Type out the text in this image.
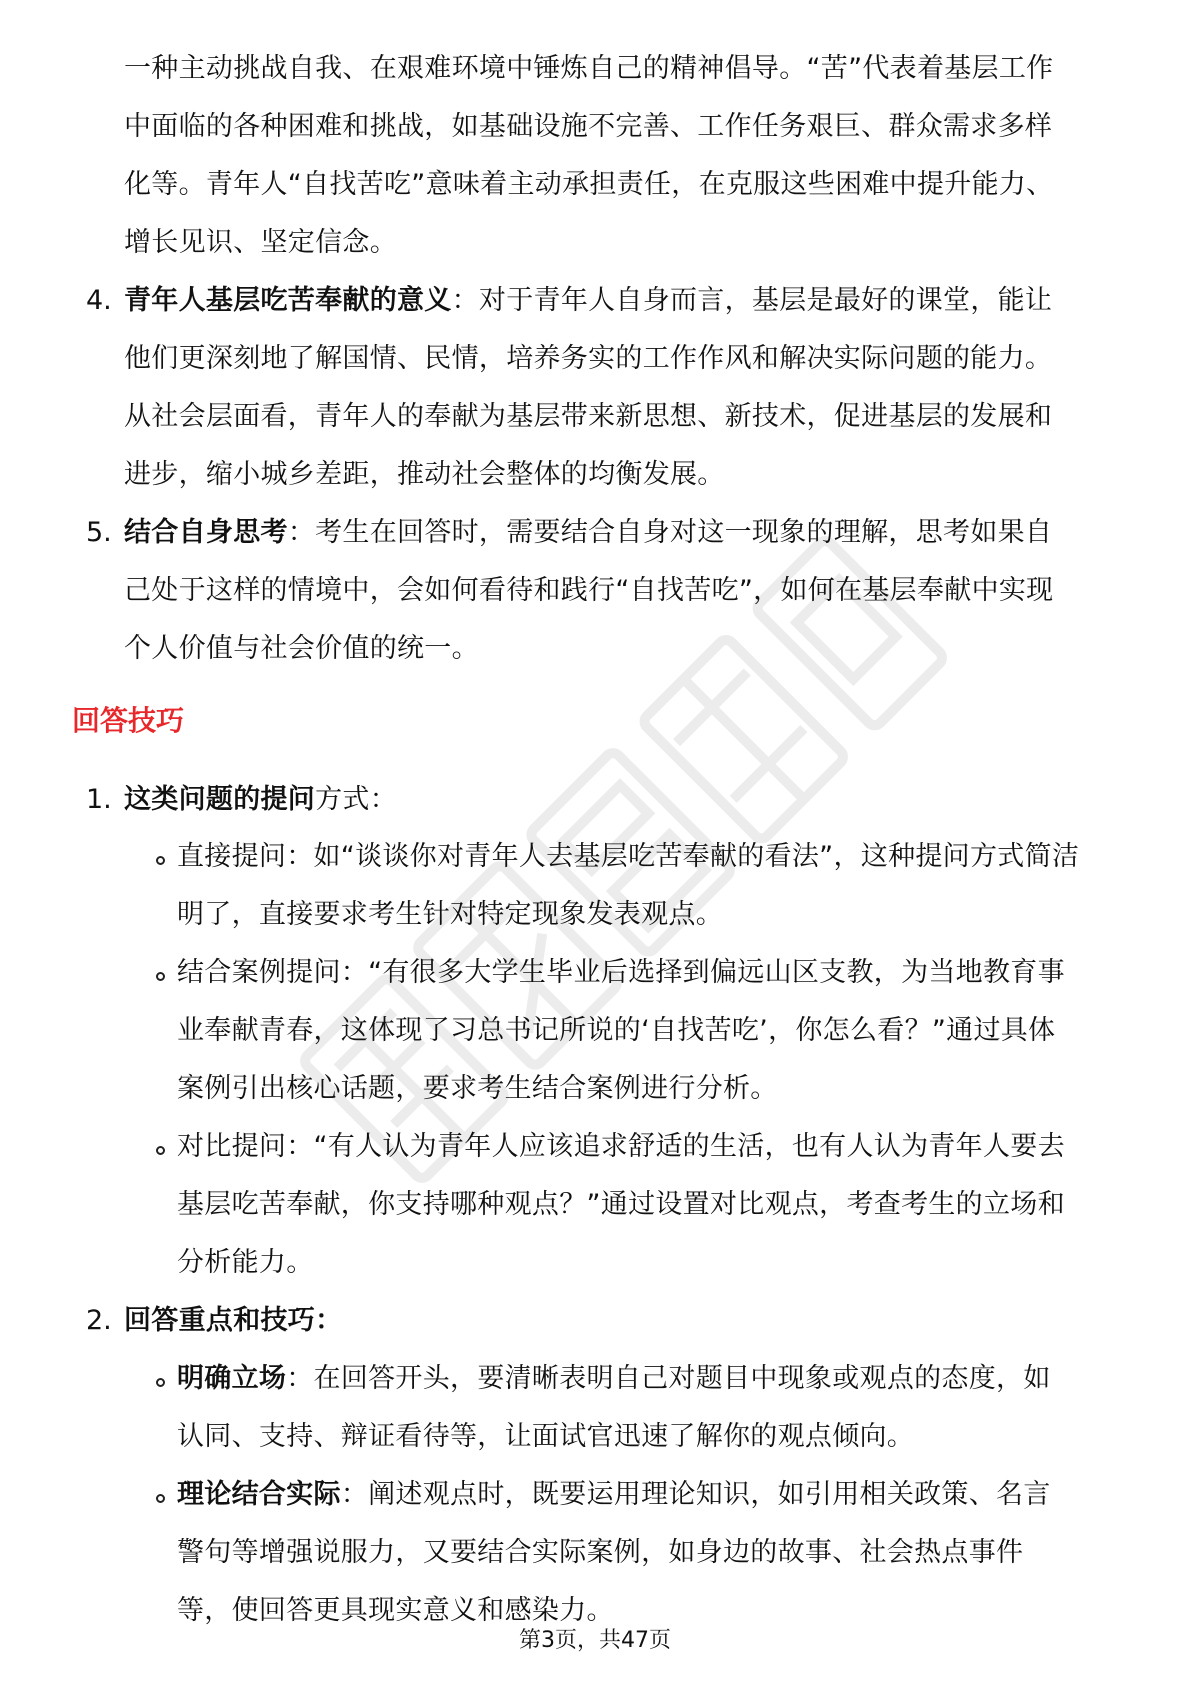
一种主动挑战自我、在艰难环境中锤炼自己的精神倡导。“苦”代表着基层工作
中面临的各种困难和挑战，如基础设施不完善、工作任务艰巨、群众需求多样
化等。青年人“自找苦吃”意味着主动承担责任，在克服这些困难中提升能力、
增长见识、坚定信念。
4. 青年人基层吃苦奉献的意义：对于青年人自身而言，基层是最好的课堂，能让
他们更深刻地了解国情、民情，培养务实的工作作风和解决实际问题的能力。
从社会层面看，青年人的奉献为基层带来新思想、新技术，促进基层的发展和
进步，缩小城乡差距，推动社会整体的均衡发展。
5. 结合自身思考：考生在回答时，需要结合自身对这一现象的理解，思考如果自
己处于这样的情境中，会如何看待和践行“自找苦吃”，如何在基层奉献中实现
个人价值与社会价值的统一。
回答技巧
1. 这类问题的提问方式：
直接提问：如“谈谈你对青年人去基层吃苦奉献的看法”，这种提问方式简洁
明了，直接要求考生针对特定现象发表观点。
结合案例提问：“有很多大学生毕业后选择到偏远山区支教，为当地教育事
业奉献青春，这体现了习总书记所说的‘自找苦吃’，你怎么看？”通过具体
案例引出核心话题，要求考生结合案例进行分析。
对比提问：“有人认为青年人应该追求舒适的生活，也有人认为青年人要去
基层吃苦奉献，你支持哪种观点？”通过设置对比观点，考查考生的立场和
分析能力。
2. 回答重点和技巧：
明确立场：在回答开头，要清晰表明自己对题目中现象或观点的态度，如
认同、支持、辩证看待等，让面试官迅速了解你的观点倾向。
理论结合实际：阐述观点时，既要运用理论知识，如引用相关政策、名言
警句等增强说服力，又要结合实际案例，如身边的故事、社会热点事件
等，使回答更具现实意义和感染力。
第3页，共47页
